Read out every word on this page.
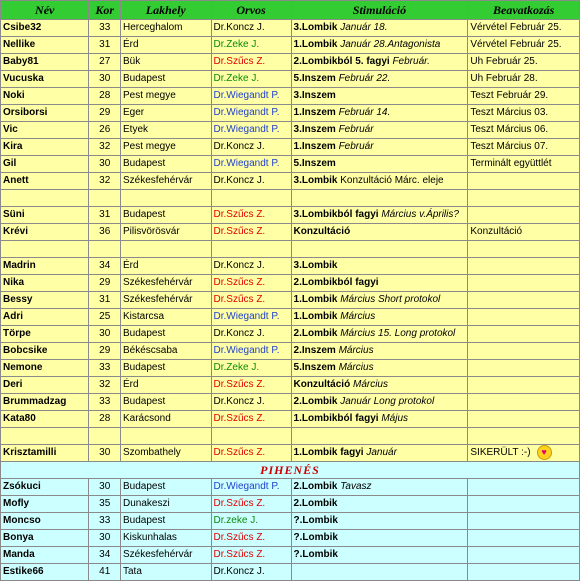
Név	Kor	Lakhely	Orvos	Stimuláció	Beavatkozás
Csibe32	33	Herceghalom	Dr.Koncz J.	3.Lombik Január 18.	Vérvétel Február 25.
Nellike	31	Érd	Dr.Zeke J.	1.Lombik Január 28.Antagonista	Vérvétel Február 25.
Baby81	27	Bük	Dr.Szűcs Z.	2.Lombikból 5. fagyi Február.	Uh Február 25.
Vucuska	30	Budapest	Dr.Zeke J.	5.Inszem Február 22.	Uh Február 28.
Noki	28	Pest megye	Dr.Wiegandt P.	3.Inszem	Teszt Február 29.
Orsiborsi	29	Eger	Dr.Wiegandt P.	1.Inszem Február 14.	Teszt Március 03.
Vic	26	Etyek	Dr.Wiegandt P.	3.Inszem Február	Teszt Március 06.
Kira	32	Pest megye	Dr.Koncz J.	1.Inszem Február	Teszt Március 07.
Gil	30	Budapest	Dr.Wiegandt P.	5.Inszem	Terminált együttlét
Anett	32	Székesfehérvár	Dr.Koncz J.	3.Lombik Konzultáció Márc. eleje	

Süni	31	Budapest	Dr.Szűcs Z.	3.Lombikból fagyi Március v.Április?	
Krévi	36	Pilisvörösvár	Dr.Szűcs Z.	Konzultáció	Konzultáció

Madrin	34	Érd	Dr.Koncz J.	3.Lombik	
Nika	29	Székesfehérvár	Dr.Szűcs Z.	2.Lombikból fagyi	
Bessy	31	Székesfehérvár	Dr.Szűcs Z.	1.Lombik Március Short protokol	
Adri	25	Kistarcsa	Dr.Wiegandt P.	1.Lombik Március	
Törpe	30	Budapest	Dr.Koncz J.	2.Lombik Március 15. Long protokol	
Bobcsike	29	Békéscsaba	Dr.Wiegandt P.	2.Inszem Március	
Nemone	33	Budapest	Dr.Zeke J.	5.Inszem Március	
Deri	32	Érd	Dr.Szűcs Z.	Konzultáció Március	
Brummadzag	33	Budapest	Dr.Koncz J.	2.Lombik Január Long protokol	
Kata80	28	Karácsond	Dr.Szűcs Z.	1.Lombikból fagyi Május	

Krisztamilli	30	Szombathely	Dr.Szűcs Z.	1.Lombik fagyi Január	SIKERÜLT :-) ♥
PIHENÉS					
Zsókuci	30	Budapest	Dr.Wiegandt P.	2.Lombik Tavasz	
Mofly	35	Dunakeszi	Dr.Szűcs Z.	2.Lombik	
Moncso	33	Budapest	Dr.zeke J.	?.Lombik	
Bonya	30	Kiskunhalas	Dr.Szűcs Z.	?.Lombik	
Manda	34	Székesfehérvár	Dr.Szűcs Z.	?.Lombik	
Estike66	41	Tata	Dr.Koncz J.		
